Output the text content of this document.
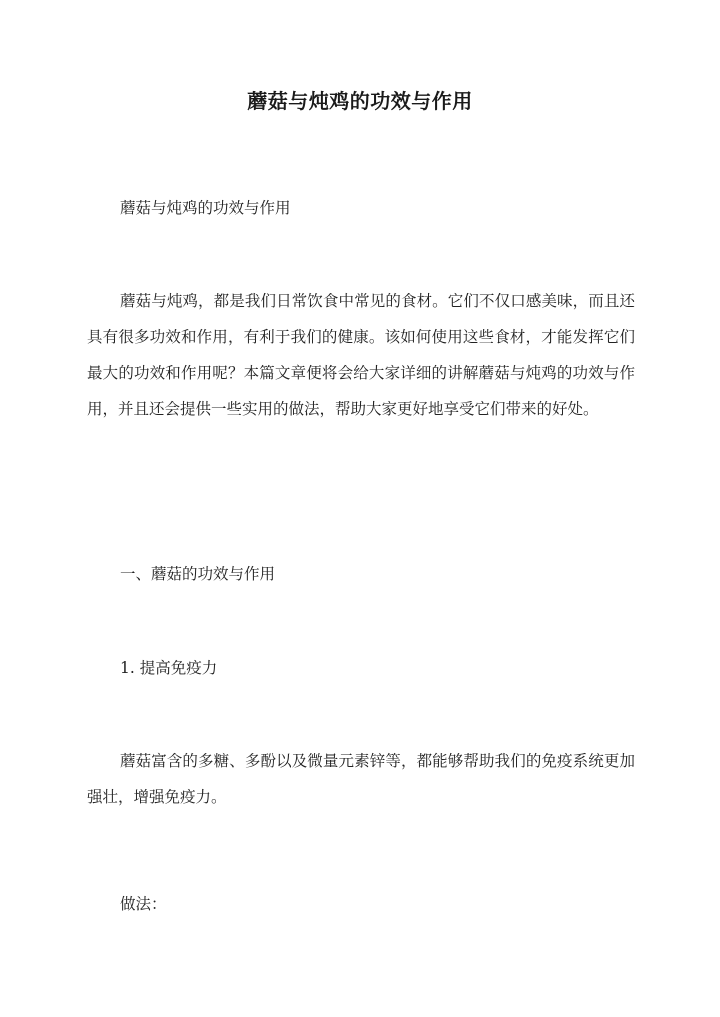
蘑菇与炖鸡的功效与作用
蘑菇与炖鸡的功效与作用
蘑菇与炖鸡，都是我们日常饮食中常见的食材。它们不仅口感美味，而且还具有很多功效和作用，有利于我们的健康。该如何使用这些食材，才能发挥它们最大的功效和作用呢？本篇文章便将会给大家详细的讲解蘑菇与炖鸡的功效与作用，并且还会提供一些实用的做法，帮助大家更好地享受它们带来的好处。
一、蘑菇的功效与作用
1. 提高免疫力
蘑菇富含的多糖、多酚以及微量元素锌等，都能够帮助我们的免疫系统更加强壮，增强免疫力。
做法：
